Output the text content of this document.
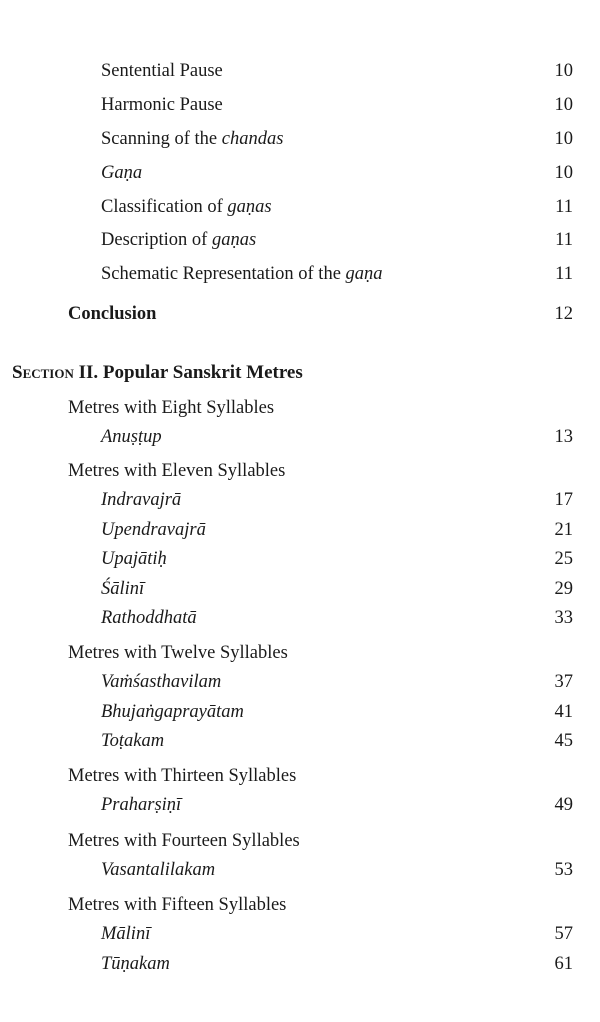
Sentential Pause	10
Harmonic Pause	10
Scanning of the chandas	10
Gaṇa	10
Classification of gaṇas	11
Description of gaṇas	11
Schematic Representation of the gaṇa	11
Conclusion	12
Section II. Popular Sanskrit Metres
Metres with Eight Syllables
Anuṣṭup	13
Metres with Eleven Syllables
Indravajrā	17
Upendravajrā	21
Upajātiḥ	25
Śālinī	29
Rathoddhatā	33
Metres with Twelve Syllables
Vaṁśasthavilam	37
Bhujaṅgaprayātam	41
Toṭakam	45
Metres with Thirteen Syllables
Praharṣiṇī	49
Metres with Fourteen Syllables
Vasantalilakam	53
Metres with Fifteen Syllables
Mālinī	57
Tūṇakam	61
